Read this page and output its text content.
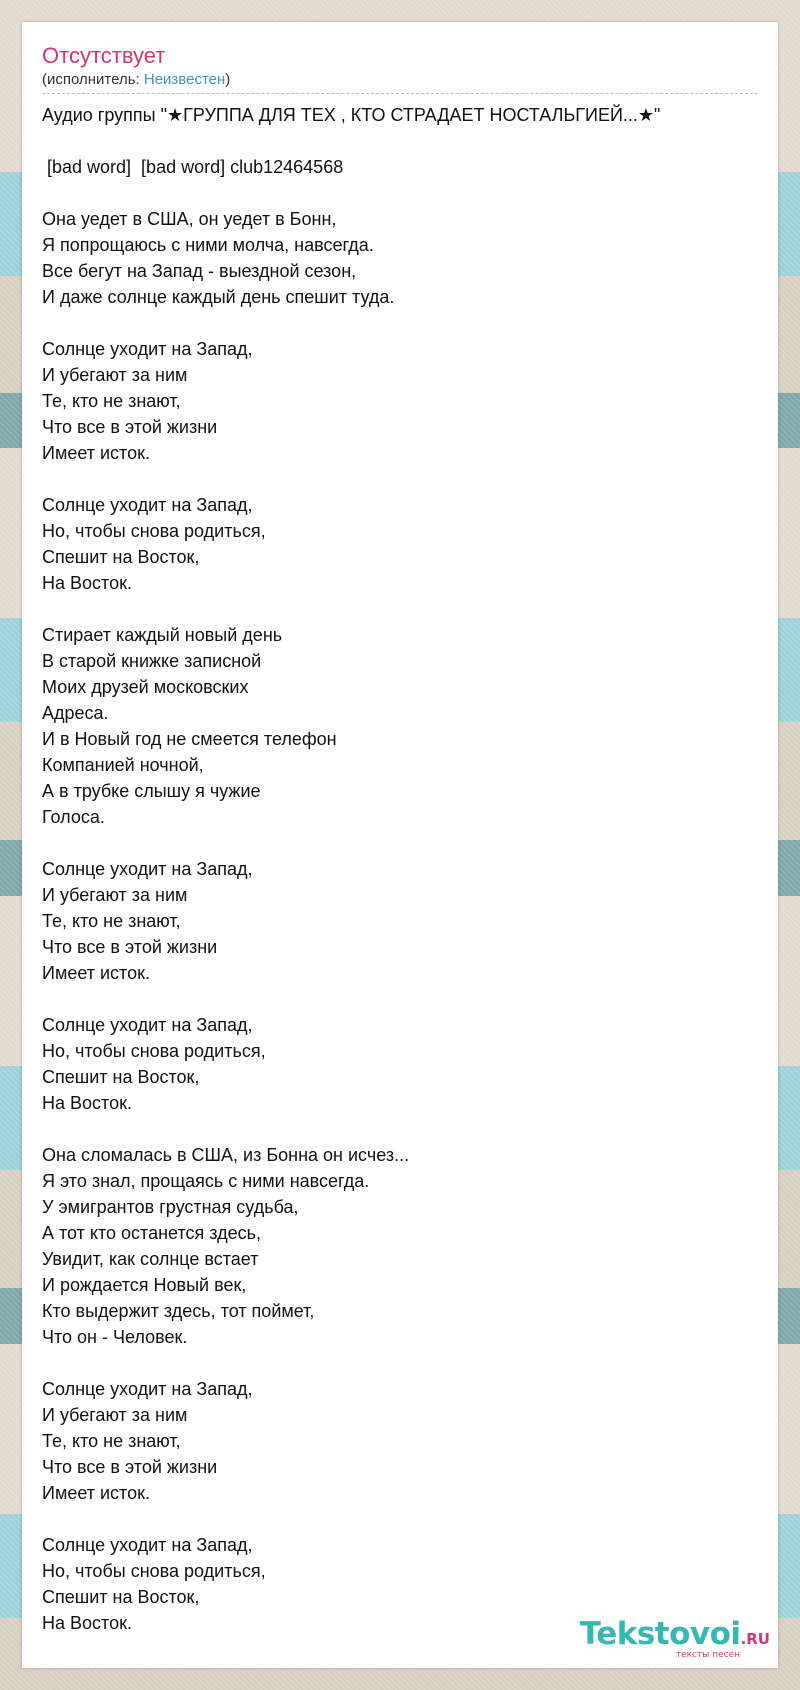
Отсутствует
(исполнитель: Неизвестен)
Аудио группы "★ГРУППА ДЛЯ ТЕХ , КТО СТРАДАЕТ НОСТАЛЬГИЕЙ...★"

[bad word]  [bad word] club12464568

Она уедет в США, он уедет в Бонн,
Я попрощаюсь с ними молча, навсегда.
Все бегут на Запад - выездной сезон,
И даже солнце каждый день спешит туда.

Солнце уходит на Запад,
И убегают за ним
Те, кто не знают,
Что все в этой жизни
Имеет исток.

Солнце уходит на Запад,
Но, чтобы снова родиться,
Спешит на Восток,
На Восток.

Стирает каждый новый день
В старой книжке записной
Моих друзей московских
Адреса.
И в Новый год не смеется телефон
Компанией ночной,
А в трубке слышу я чужие
Голоса.

Солнце уходит на Запад,
И убегают за ним
Те, кто не знают,
Что все в этой жизни
Имеет исток.

Солнце уходит на Запад,
Но, чтобы снова родиться,
Спешит на Восток,
На Восток.

Она сломалась в США, из Бонна он исчез...
Я это знал, прощаясь с ними навсегда.
У эмигрантов грустная судьба,
А тот кто останется здесь,
Увидит, как солнце встает
И рождается Новый век,
Кто выдержит здесь, тот поймет,
Что он - Человек.

Солнце уходит на Запад,
И убегают за ним
Те, кто не знают,
Что все в этой жизни
Имеет исток.

Солнце уходит на Запад,
Но, чтобы снова родиться,
Спешит на Восток,
На Восток.	Tekstovoi.RU
тексты песен
